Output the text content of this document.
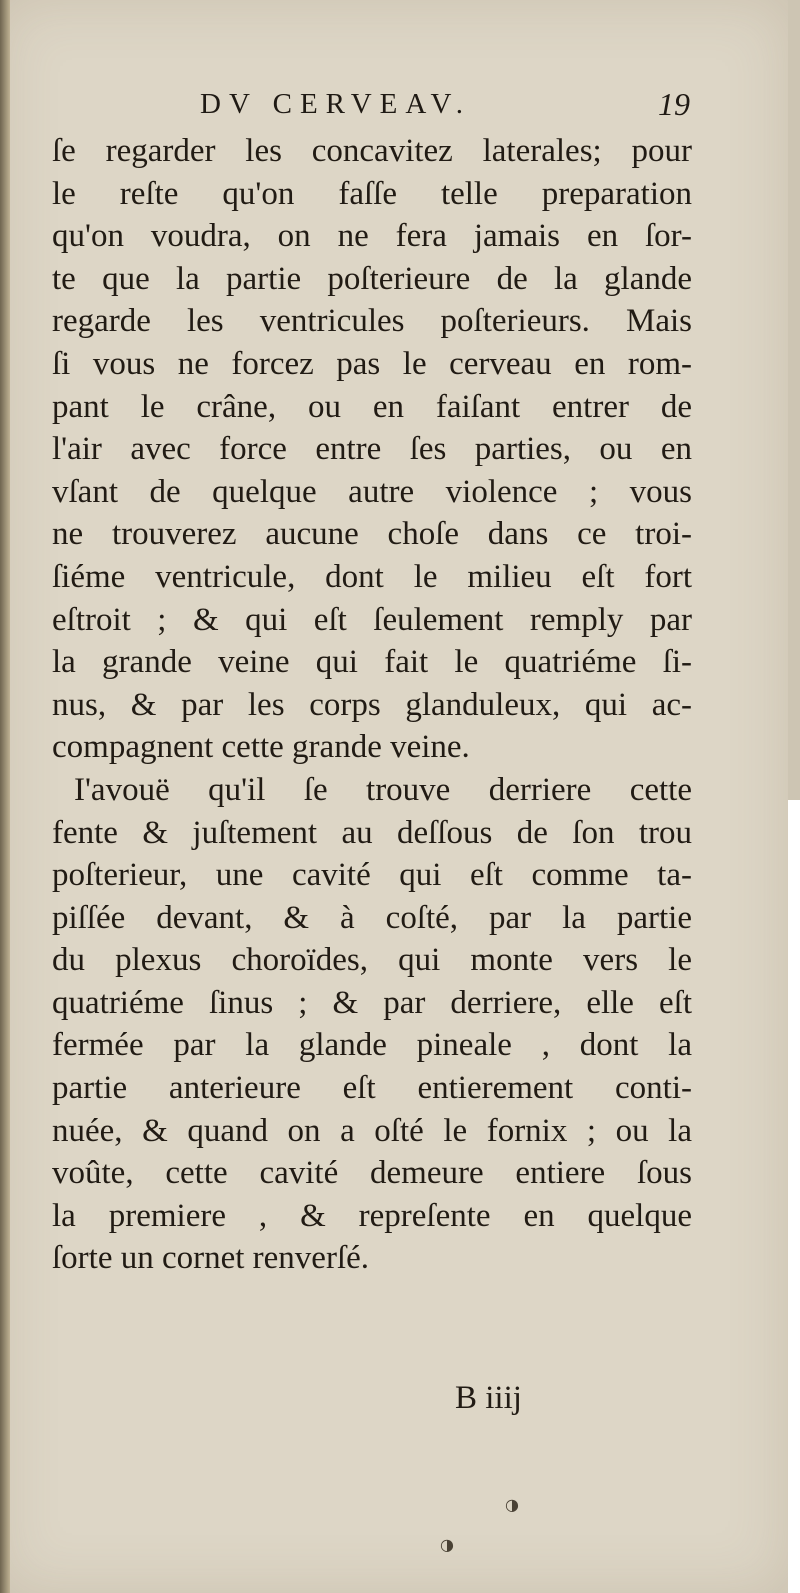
DV CERVEAV.	19
ſe regarder les concavitez laterales; pour
le reſte qu'on faſſe telle preparation
qu'on voudra, on ne fera jamais en ſor-
te que la partie poſterieure de la glande
regarde les ventricules poſterieurs. Mais
ſi vous ne forcez pas le cerveau en rom-
pant le crâne, ou en faiſant entrer de
l'air avec force entre ſes parties, ou en
vſant de quelque autre violence ; vous
ne trouverez aucune choſe dans ce troi-
ſiéme ventricule, dont le milieu eſt fort
eſtroit ; & qui eſt ſeulement remply par
la grande veine qui fait le quatriéme ſi-
nus, & par les corps glanduleux, qui ac-
compagnent cette grande veine.
I'avouë qu'il ſe trouve derriere cette
fente & juſtement au deſſous de ſon trou
poſterieur, une cavité qui eſt comme ta-
piſſée devant, & à coſté, par la partie
du plexus choroïdes, qui monte vers le
quatriéme ſinus ; & par derriere, elle eſt
fermée par la glande pineale , dont la
partie anterieure eſt entierement conti-
nuée, & quand on a oſté le fornix ; ou la
voûte, cette cavité demeure entiere ſous
la premiere , & repreſente en quelque
ſorte un cornet renverſé.
B iiij
◑
◑
